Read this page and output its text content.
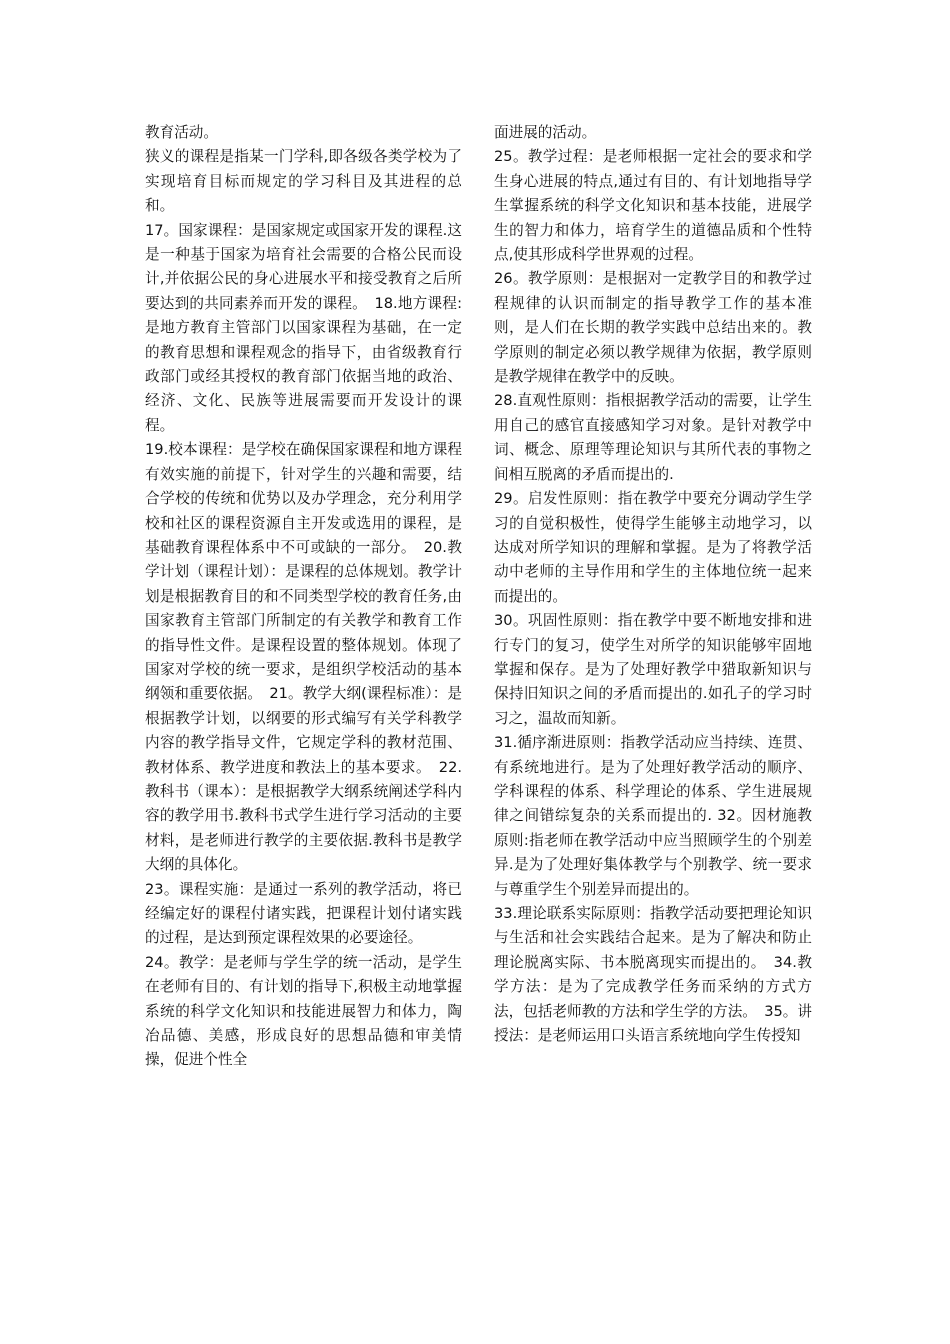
教育活动。

狭义的课程是指某一门学科,即各级各类学校为了实现培育目标而规定的学习科目及其进程的总和。

17。国家课程：是国家规定或国家开发的课程.这是一种基于国家为培育社会需要的合格公民而设计,并依据公民的身心进展水平和接受教育之后所要达到的共同素养而开发的课程。　18.地方课程:是地方教育主管部门以国家课程为基础，在一定的教育思想和课程观念的指导下，由省级教育行政部门或经其授权的教育部门依据当地的政治、经济、文化、民族等进展需要而开发设计的课程。

19.校本课程：是学校在确保国家课程和地方课程有效实施的前提下，针对学生的兴趣和需要，结合学校的传统和优势以及办学理念，充分利用学校和社区的课程资源自主开发或选用的课程，是基础教育课程体系中不可或缺的一部分。　20.教学计划（课程计划）：是课程的总体规划。教学计划是根据教育目的和不同类型学校的教育任务,由国家教育主管部门所制定的有关教学和教育工作的指导性文件。是课程设置的整体规划。体现了国家对学校的统一要求，是组织学校活动的基本纲领和重要依据。　21。教学大纲(课程标准）：是根据教学计划，以纲要的形式编写有关学科教学内容的教学指导文件，它规定学科的教材范围、教材体系、教学进度和教法上的基本要求。　22.教科书（课本）：是根据教学大纲系统阐述学科内容的教学用书.教科书式学生进行学习活动的主要材料，是老师进行教学的主要依据.教科书是教学大纲的具体化。

23。课程实施：是通过一系列的教学活动，将已经编定好的课程付诸实践，把课程计划付诸实践的过程，是达到预定课程效果的必要途径。

24。教学：是老师与学生学的统一活动，是学生在老师有目的、有计划的指导下,积极主动地掌握系统的科学文化知识和技能进展智力和体力，陶冶品德、美感，形成良好的思想品德和审美情操，促进个性全

面进展的活动。

25。教学过程：是老师根据一定社会的要求和学生身心进展的特点,通过有目的、有计划地指导学生掌握系统的科学文化知识和基本技能，进展学生的智力和体力，培育学生的道德品质和个性特点,使其形成科学世界观的过程。

26。教学原则：是根据对一定教学目的和教学过程规律的认识而制定的指导教学工作的基本准则，是人们在长期的教学实践中总结出来的。教学原则的制定必须以教学规律为依据，教学原则是教学规律在教学中的反映。

28.直观性原则：指根据教学活动的需要，让学生用自己的感官直接感知学习对象。是针对教学中词、概念、原理等理论知识与其所代表的事物之间相互脱离的矛盾而提出的.

29。启发性原则：指在教学中要充分调动学生学习的自觉积极性，使得学生能够主动地学习，以达成对所学知识的理解和掌握。是为了将教学活动中老师的主导作用和学生的主体地位统一起来而提出的。

30。巩固性原则：指在教学中要不断地安排和进行专门的复习，使学生对所学的知识能够牢固地掌握和保存。是为了处理好教学中猎取新知识与保持旧知识之间的矛盾而提出的.如孔子的学习时习之，温故而知新。

31.循序渐进原则：指教学活动应当持续、连贯、有系统地进行。是为了处理好教学活动的顺序、学科课程的体系、科学理论的体系、学生进展规律之间错综复杂的关系而提出的. 32。因材施教原则:指老师在教学活动中应当照顾学生的个别差异.是为了处理好集体教学与个别教学、统一要求与尊重学生个别差异而提出的。

33.理论联系实际原则：指教学活动要把理论知识与生活和社会实践结合起来。是为了解决和防止理论脱离实际、书本脱离现实而提出的。　34.教学方法：是为了完成教学任务而采纳的方式方法，包括老师教的方法和学生学的方法。　35。讲授法：是老师运用口头语言系统地向学生传授知
